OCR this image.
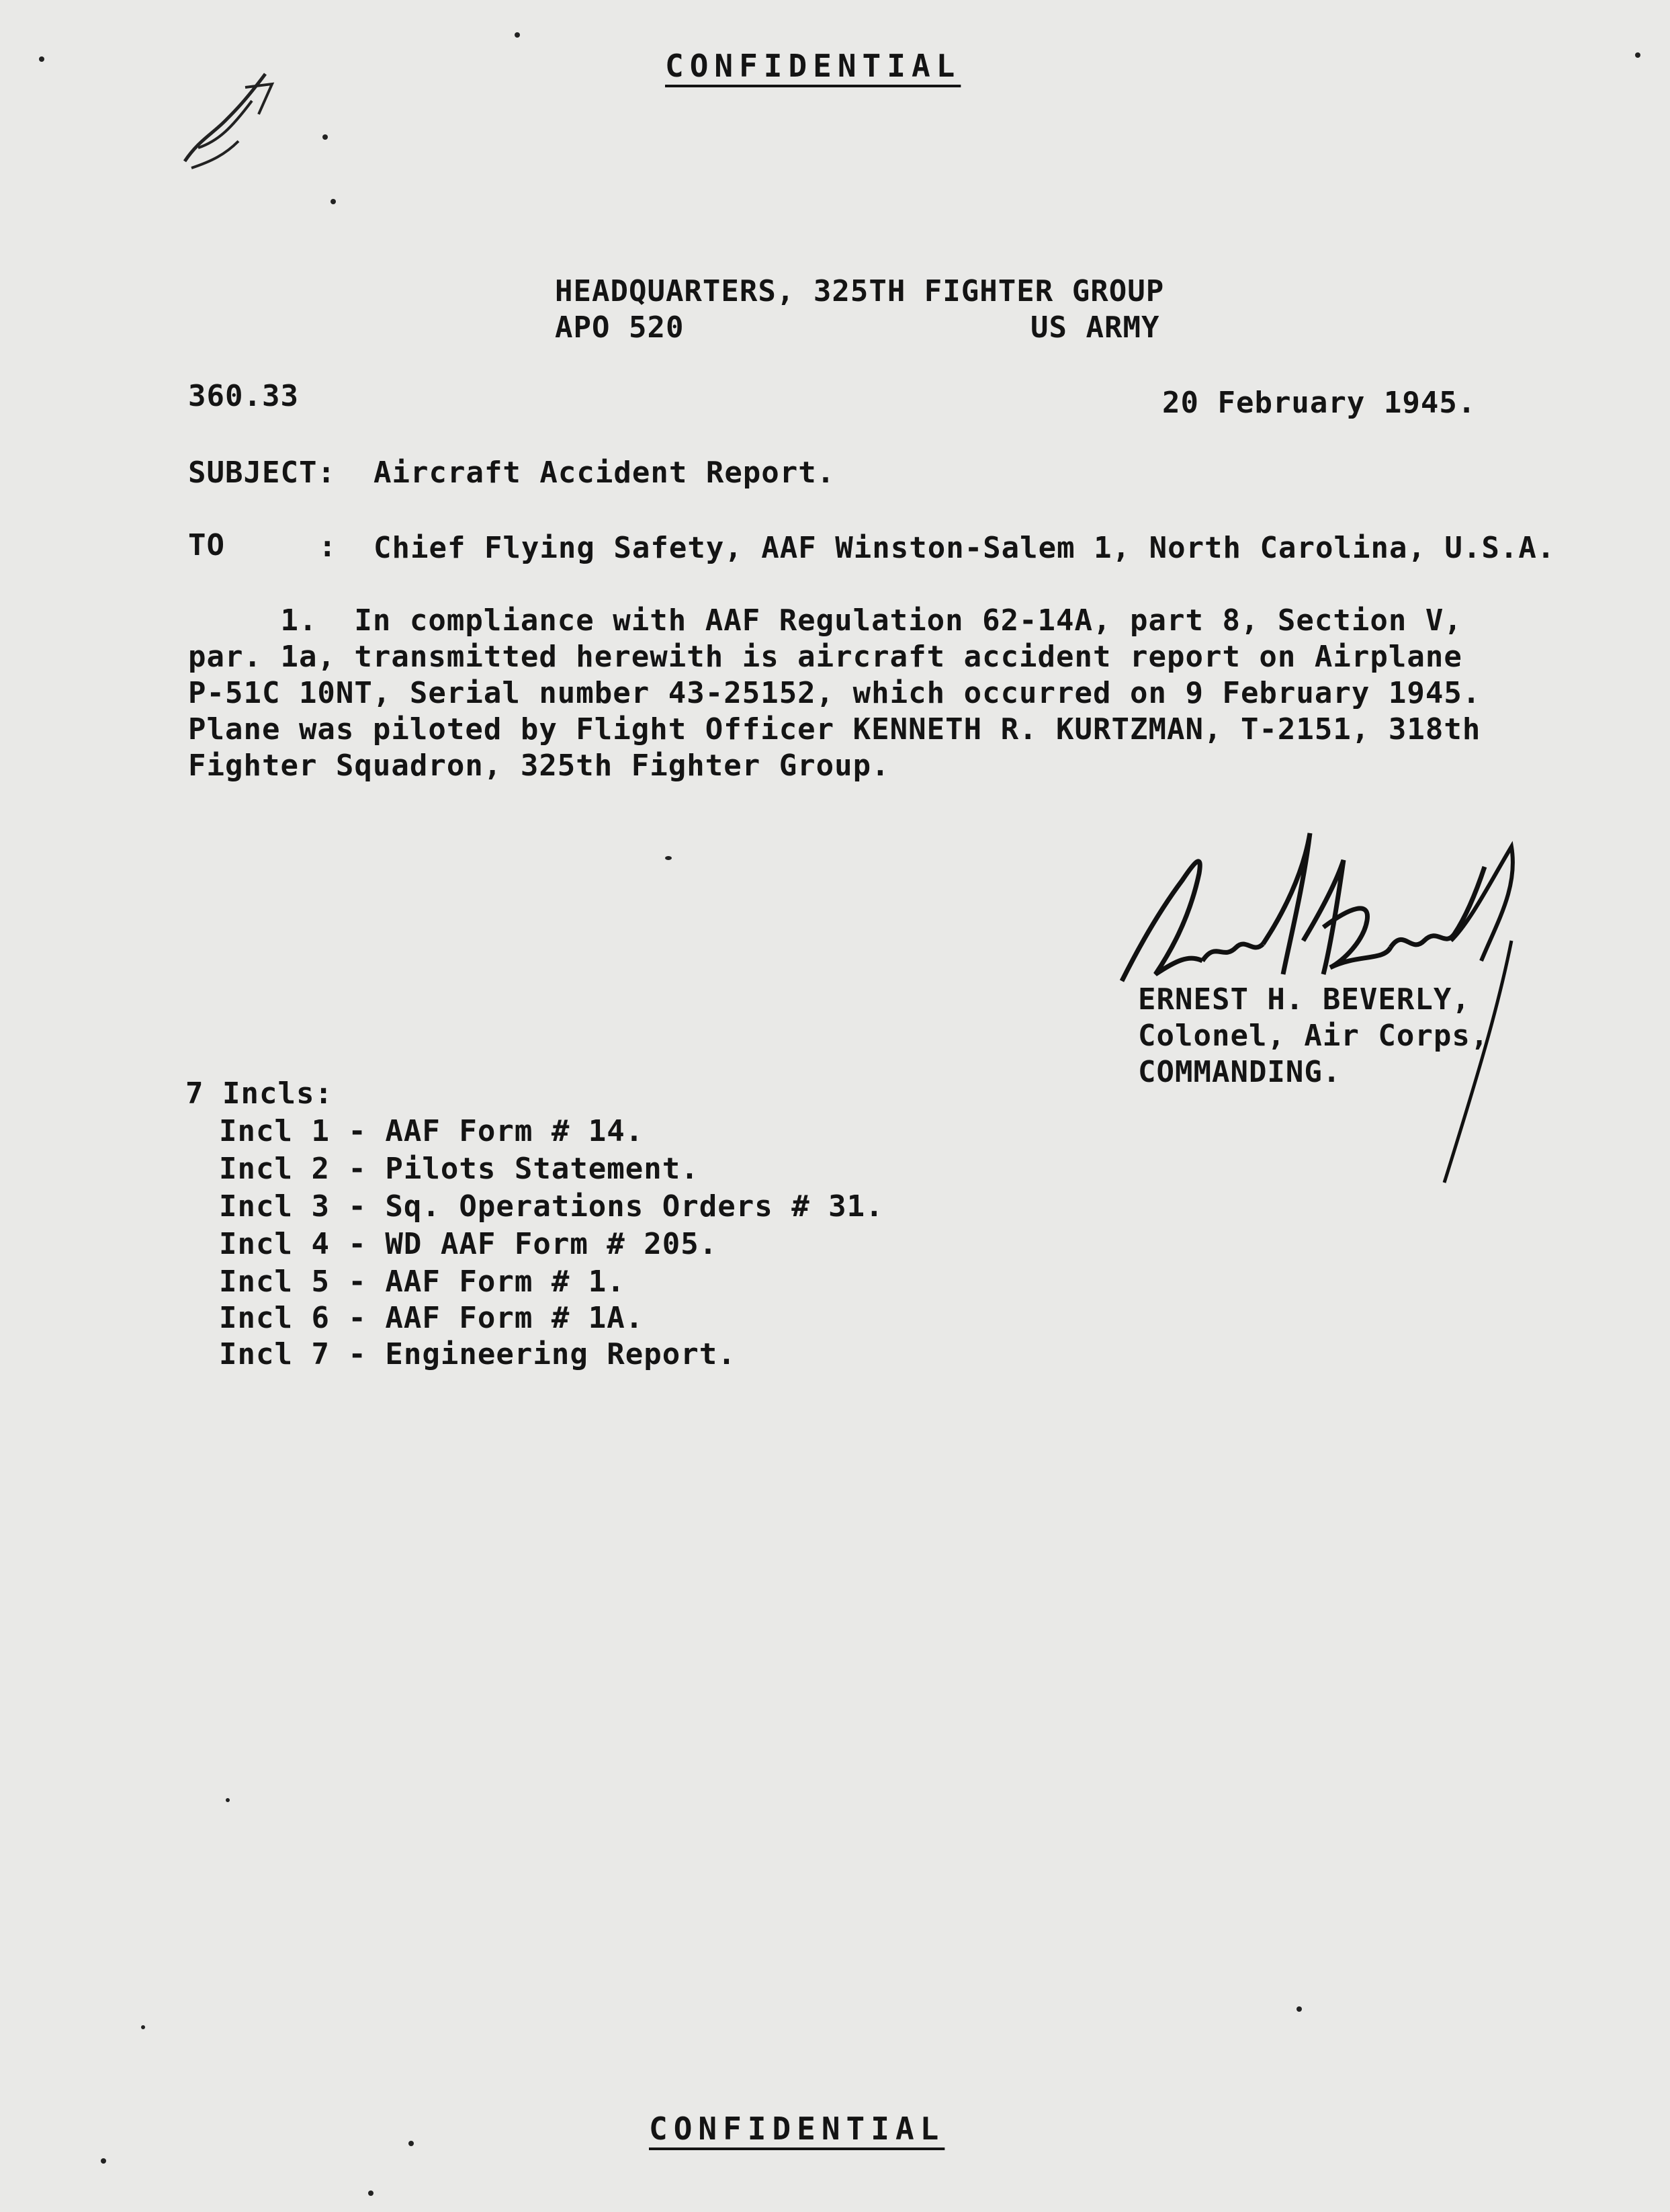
CONFIDENTIAL
HEADQUARTERS, 325TH FIGHTER GROUP
APO 520	US ARMY
360.33	20 February 1945.
SUBJECT: Aircraft Accident Report.
TO	: Chief Flying Safety, AAF Winston-Salem 1, North Carolina, U.S.A.
1.  In compliance with AAF Regulation 62-14A, part 8, Section V,
par. 1a, transmitted herewith is aircraft accident report on Airplane
P-51C 10NT, Serial number 43-25152, which occurred on 9 February 1945.
Plane was piloted by Flight Officer KENNETH R. KURTZMAN, T-2151, 318th
Fighter Squadron, 325th Fighter Group.
ERNEST H. BEVERLY,
Colonel, Air Corps,
COMMANDING.
7 Incls:
Incl 1 - AAF Form # 14.
Incl 2 - Pilots Statement.
Incl 3 - Sq. Operations Orders # 31.
Incl 4 - WD AAF Form # 205.
Incl 5 - AAF Form # 1.
Incl 6 - AAF Form # 1A.
Incl 7 - Engineering Report.
CONFIDENTIAL
